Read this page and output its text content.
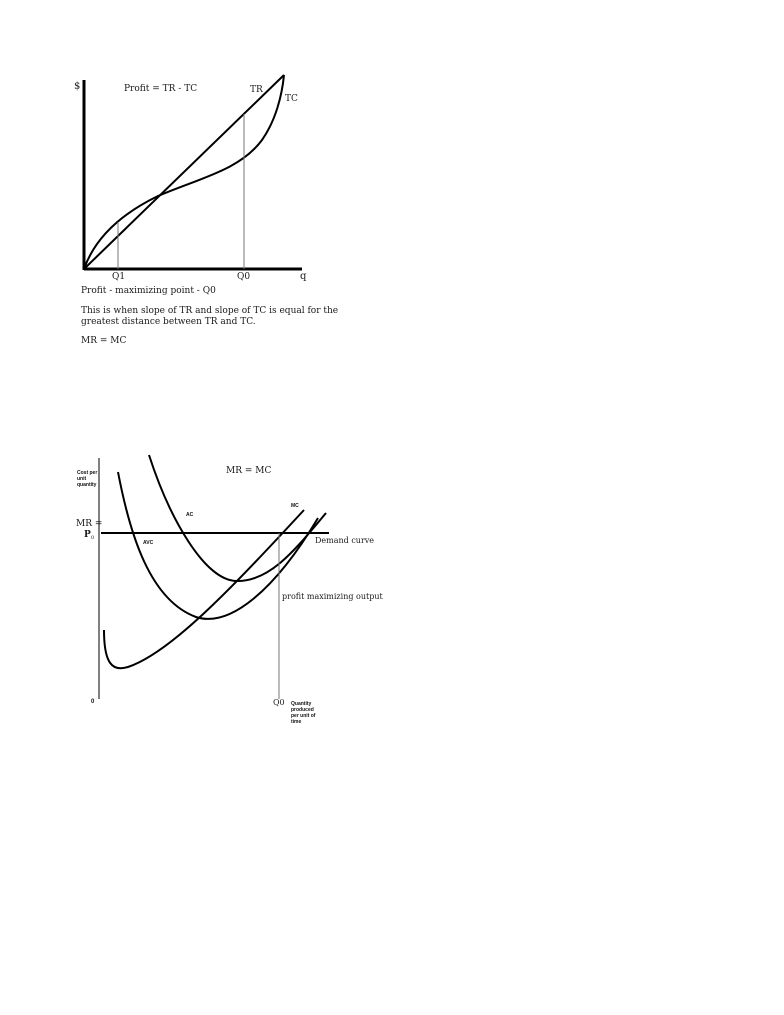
$
q
Profit = TR - TC	TR
TC
Q1	Q0
Profit - maximizing point - Q0
This is when slope of TR and slope of TC is equal for the
greatest distance between TR and TC.
MR = MC
MR = MC
Cost per
unit
quantity
MR =
P 0
0
AC
AVC
MC
Demand curve
profit maximizing output
Q0 Quantity
produced
per unit of
time
